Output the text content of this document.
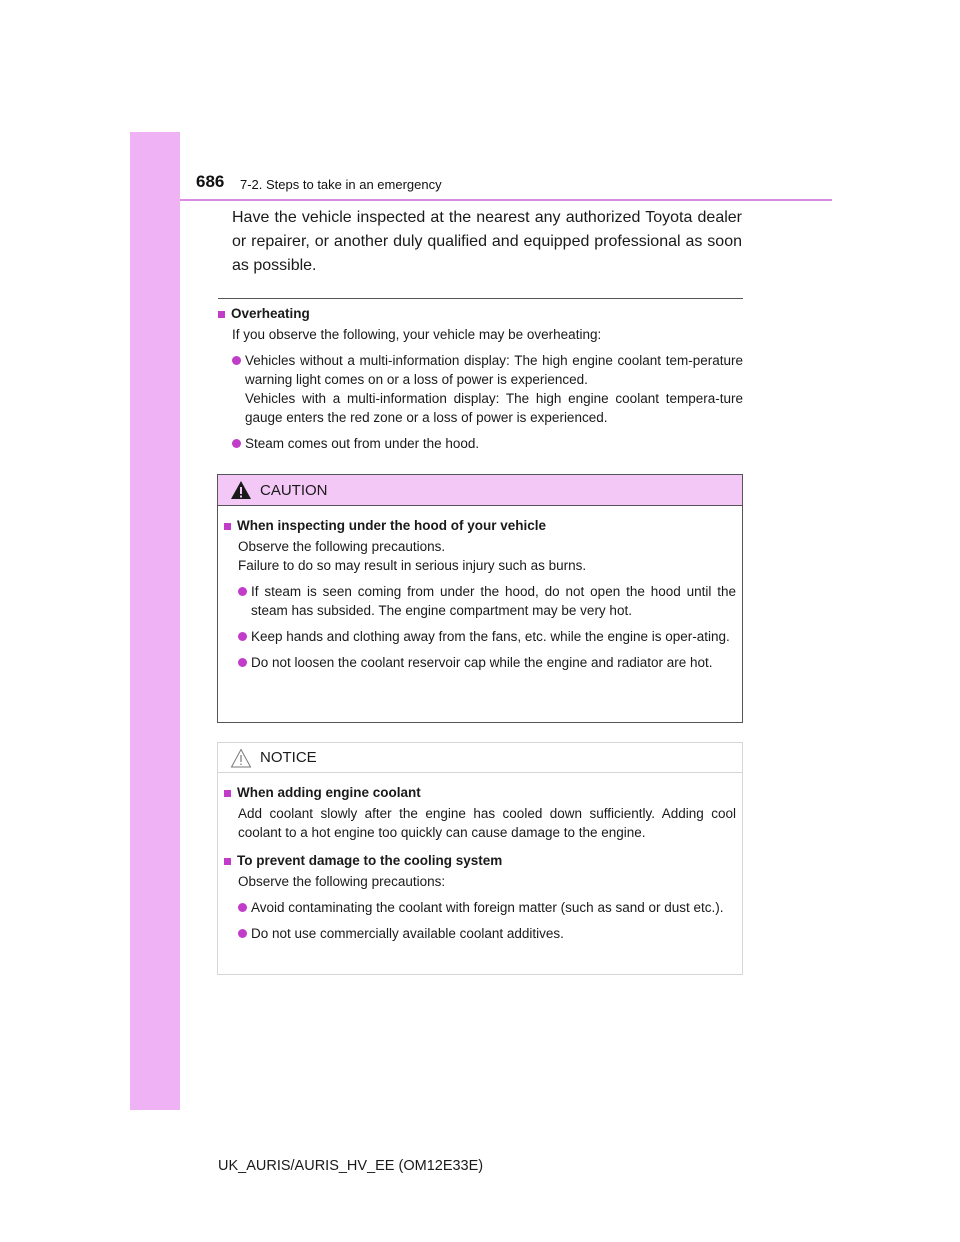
686 7-2. Steps to take in an emergency
Have the vehicle inspected at the nearest any authorized Toyota dealer or repairer, or another duly qualified and equipped professional as soon as possible.
Overheating
If you observe the following, your vehicle may be overheating:
Vehicles without a multi-information display: The high engine coolant tem-perature warning light comes on or a loss of power is experienced.
Vehicles with a multi-information display: The high engine coolant tempera-ture gauge enters the red zone or a loss of power is experienced.
Steam comes out from under the hood.
CAUTION
When inspecting under the hood of your vehicle
Observe the following precautions.
Failure to do so may result in serious injury such as burns.
If steam is seen coming from under the hood, do not open the hood until the steam has subsided. The engine compartment may be very hot.
Keep hands and clothing away from the fans, etc. while the engine is oper-ating.
Do not loosen the coolant reservoir cap while the engine and radiator are hot.
NOTICE
When adding engine coolant
Add coolant slowly after the engine has cooled down sufficiently. Adding cool coolant to a hot engine too quickly can cause damage to the engine.
To prevent damage to the cooling system
Observe the following precautions:
Avoid contaminating the coolant with foreign matter (such as sand or dust etc.).
Do not use commercially available coolant additives.
UK_AURIS/AURIS_HV_EE (OM12E33E)
